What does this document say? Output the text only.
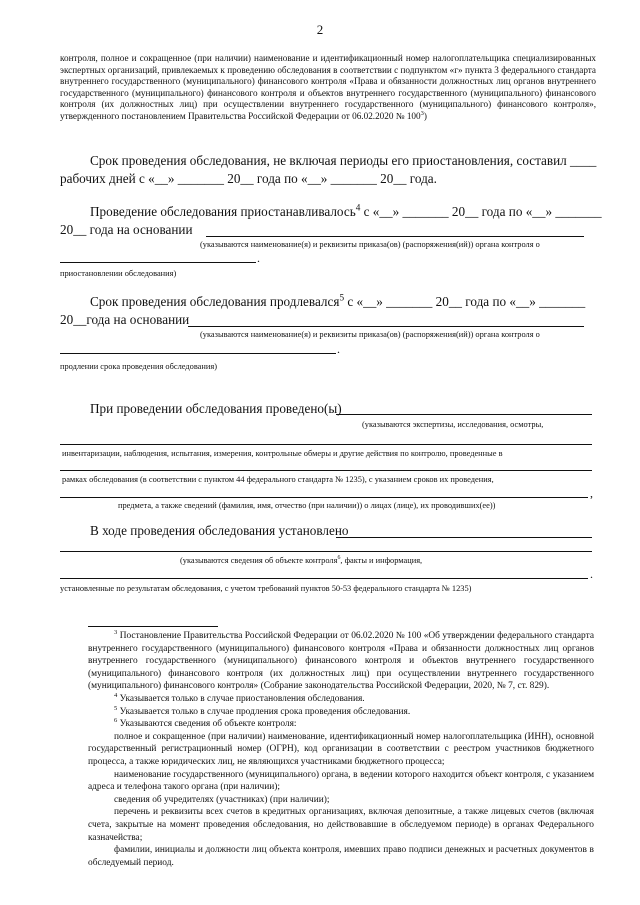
2
контроля, полное и сокращенное (при наличии) наименование и идентификационный номер налогоплательщика специализированных экспертных организаций, привлекаемых к проведению обследования в соответствии с подпунктом «г» пункта 3 федерального стандарта внутреннего государственного (муниципального) финансового контроля «Права и обязанности должностных лиц органов внутреннего государственного (муниципального) финансового контроля и объектов внутреннего государственного (муниципального) финансового контроля (их должностных лиц) при осуществлении внутреннего государственного (муниципального) финансового контроля», утвержденного постановлением Правительства Российской Федерации от 06.02.2020 № $100^3$)
Срок проведения обследования, не включая периоды его приостановления, составил ____
рабочих дней с «__» _______ 20__ года по «__» _______ 20__ года.
Проведение обследования приостанавливалось$^4$ с «__» _______ 20__ года по «__» _______
20__ года на основании
(указываются наименование(я) и реквизиты приказа(ов) (распоряжения(ий)) органа контроля о
.
приостановлении обследования)
Срок проведения обследования продлевался$^5$ с «__» _______ 20__ года по «__» _______
20__года на основании
(указываются наименование(я) и реквизиты приказа(ов) (распоряжения(ий)) органа контроля о
.
продлении срока проведения обследования)
При проведении обследования проведено(ы)
(указываются экспертизы, исследования, осмотры,
инвентаризации, наблюдения, испытания, измерения, контрольные обмеры и другие действия по контролю, проведенные в
рамках обследования (в соответствии с пунктом 44 федерального стандарта № 1235), с указанием сроков их проведения,
,
предмета, а также сведений (фамилия, имя, отчество (при наличии)) о лицах (лице), их проводивших(ее))
В ходе проведения обследования установлено
(указываются сведения об объекте контроля$^6$, факты и информация,
.
установленные по результатам обследования, с учетом требований пунктов 50-53 федерального стандарта № 1235)

$^3$ Постановление Правительства Российской Федерации от 06.02.2020 № 100 «Об утверждении федерального стандарта внутреннего государственного (муниципального) финансового контроля «Права и обязанности должностных лиц органов внутреннего государственного (муниципального) финансового контроля и объектов внутреннего государственного (муниципального) финансового контроля (их должностных лиц) при осуществлении внутреннего государственного (муниципального) финансового контроля» (Собрание законодательства Российской Федерации, 2020, № 7, ст. 829).

$^4$ Указывается только в случае приостановления обследования.

$^5$ Указывается только в случае продления срока проведения обследования.

$^6$ Указываются сведения об объекте контроля:

полное и сокращенное (при наличии) наименование, идентификационный номер налогоплательщика (ИНН), основной государственный регистрационный номер (ОГРН), код организации в соответствии с реестром участников бюджетного процесса, а также юридических лиц, не являющихся участниками бюджетного процесса;

наименование государственного (муниципального) органа, в ведении которого находится объект контроля, с указанием адреса и телефона такого органа (при наличии);

сведения об учредителях (участниках) (при наличии);

перечень и реквизиты всех счетов в кредитных организациях, включая депозитные, а также лицевых счетов (включая счета, закрытые на момент проведения обследования, но действовавшие в обследуемом периоде) в органах Федерального казначейства;

фамилии, инициалы и должности лиц объекта контроля, имевших право подписи денежных и расчетных документов в обследуемый период.
